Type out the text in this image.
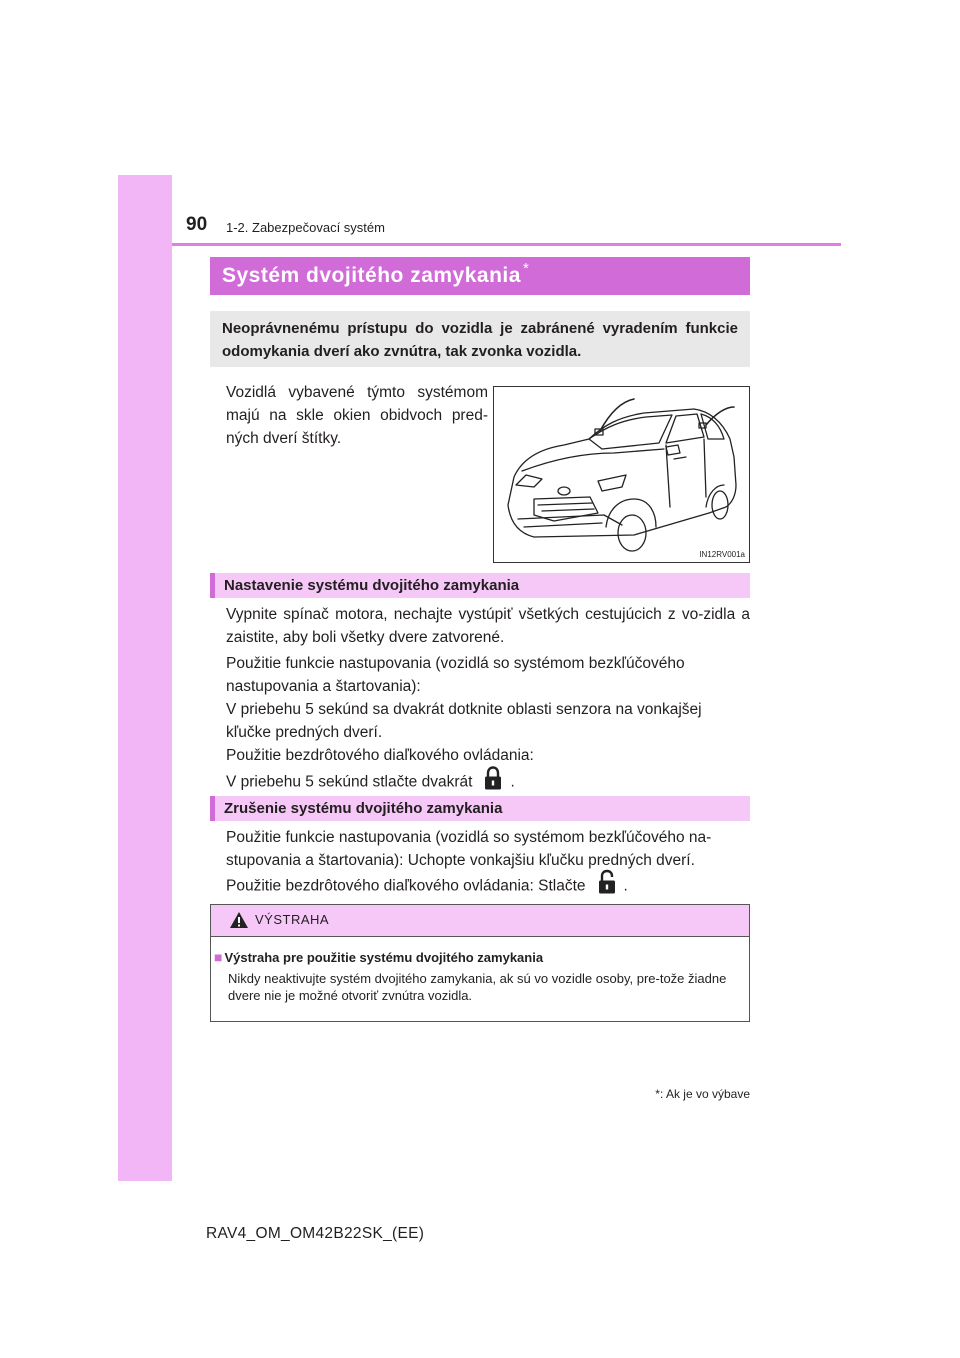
90 1-2. Zabezpečovací systém
Systém dvojitého zamykania *
Neoprávnenému prístupu do vozidla je zabránené vyradením funkcie odomykania dverí ako zvnútra, tak zvonka vozidla.
Vozidlá vybavené týmto systémom majú na skle okien obidvoch pred-ných dverí štítky.
IN12RV001a
Nastavenie systému dvojitého zamykania
Vypnite spínač motora, nechajte vystúpiť všetkých cestujúcich z vo-zidla a zaistite, aby boli všetky dvere zatvorené.
Použitie funkcie nastupovania (vozidlá so systémom bezkľúčového
nastupovania a štartovania):
V priebehu 5 sekúnd sa dvakrát dotknite oblasti senzora na vonkajšej
kľučke predných dverí.
Použitie bezdrôtového diaľkového ovládania:
V priebehu 5 sekúnd stlačte dvakrát .
Zrušenie systému dvojitého zamykania
Použitie funkcie nastupovania (vozidlá so systémom bezkľúčového na-
stupovania a štartovania): Uchopte vonkajšiu kľučku predných dverí.
Použitie bezdrôtového diaľkového ovládania: Stlačte .
VÝSTRAHA
■ Výstraha pre použitie systému dvojitého zamykania
Nikdy neaktivujte systém dvojitého zamykania, ak sú vo vozidle osoby, pre-tože žiadne dvere nie je možné otvoriť zvnútra vozidla.
*: Ak je vo výbave
RAV4_OM_OM42B22SK_(EE)
